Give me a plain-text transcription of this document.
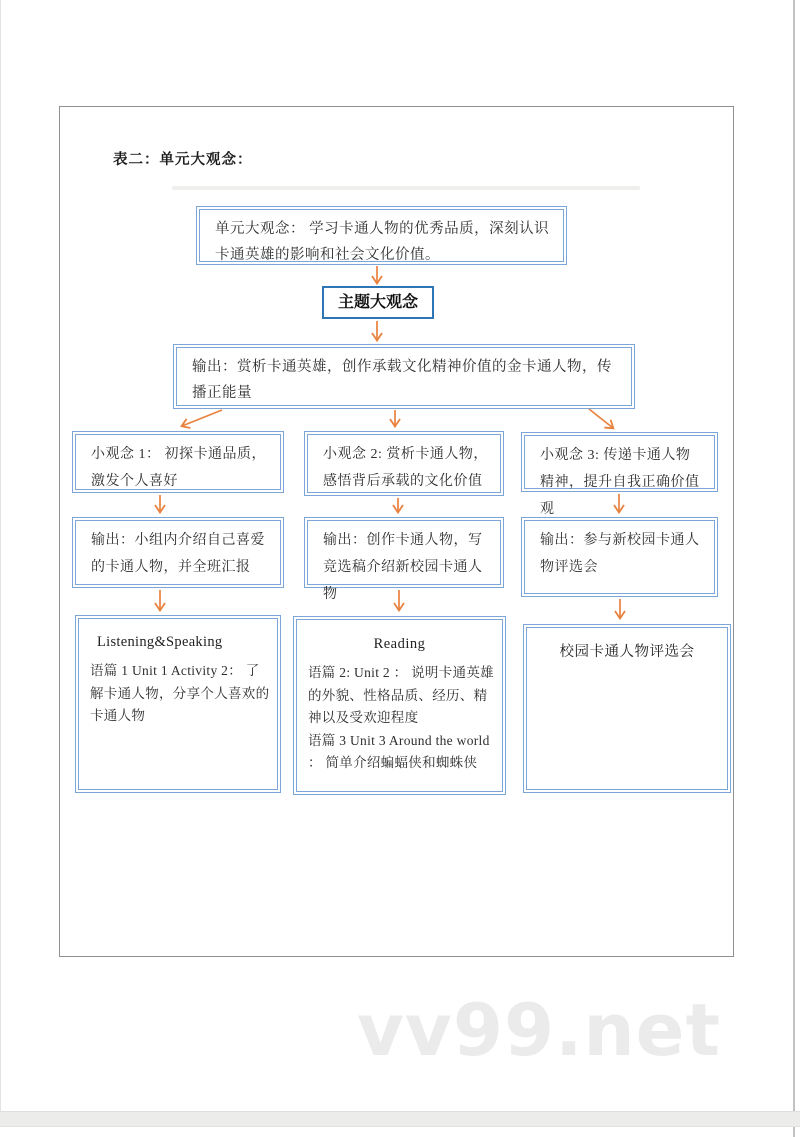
表二：单元大观念：
单元大观念： 学习卡通人物的优秀品质，深刻认识卡通英雄的影响和社会文化价值。
主题大观念
输出：赏析卡通英雄，创作承载文化精神价值的金卡通人物，传播正能量
小观念 1： 初探卡通品质，激发个人喜好
小观念 2: 赏析卡通人物，感悟背后承载的文化价值
小观念 3: 传递卡通人物精神，提升自我正确价值观
输出：小组内介绍自己喜爱的卡通人物，并全班汇报
输出：创作卡通人物，写竞选稿介绍新校园卡通人物
输出：参与新校园卡通人物评选会
Listening&Speaking

语篇 1 Unit 1 Activity 2： 了解卡通人物，分享个人喜欢的卡通人物

Reading

语篇 2: Unit 2 ： 说明卡通英雄的外貌、性格品质、经历、精神以及受欢迎程度

语篇 3 Unit 3 Around the world ： 简单介绍蝙蝠侠和蜘蛛侠

校园卡通人物评选会
vv99.net
